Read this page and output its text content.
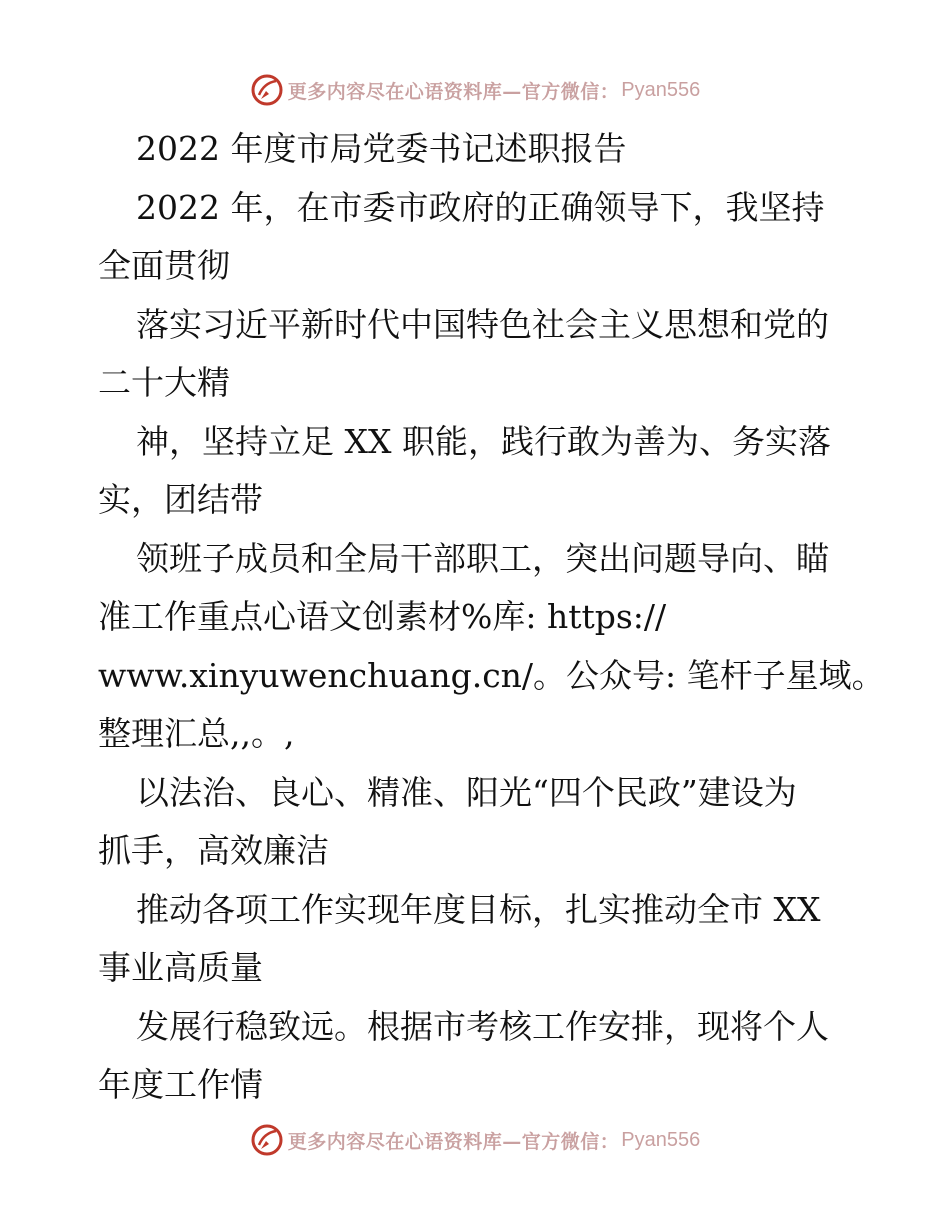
更多内容尽在心语资料库—官方微信： Pyan556
2022 年度市局党委书记述职报告
2022 年，在市委市政府的正确领导下，我坚持
全面贯彻
落实习近平新时代中国特色社会主义思想和党的
二十大精
神，坚持立足 XX 职能，践行敢为善为、务实落
实，团结带
领班子成员和全局干部职工，突出问题导向、瞄
准工作重点心语文创素材%库: https://
www.xinyuwenchuang.cn/。公众号: 笔杆子星域。
整理汇总,,。,
以法治、良心、精准、阳光“四个民政”建设为
抓手，高效廉洁
推动各项工作实现年度目标，扎实推动全市 XX
事业高质量
发展行稳致远。根据市考核工作安排，现将个人
年度工作情
更多内容尽在心语资料库—官方微信： Pyan556
